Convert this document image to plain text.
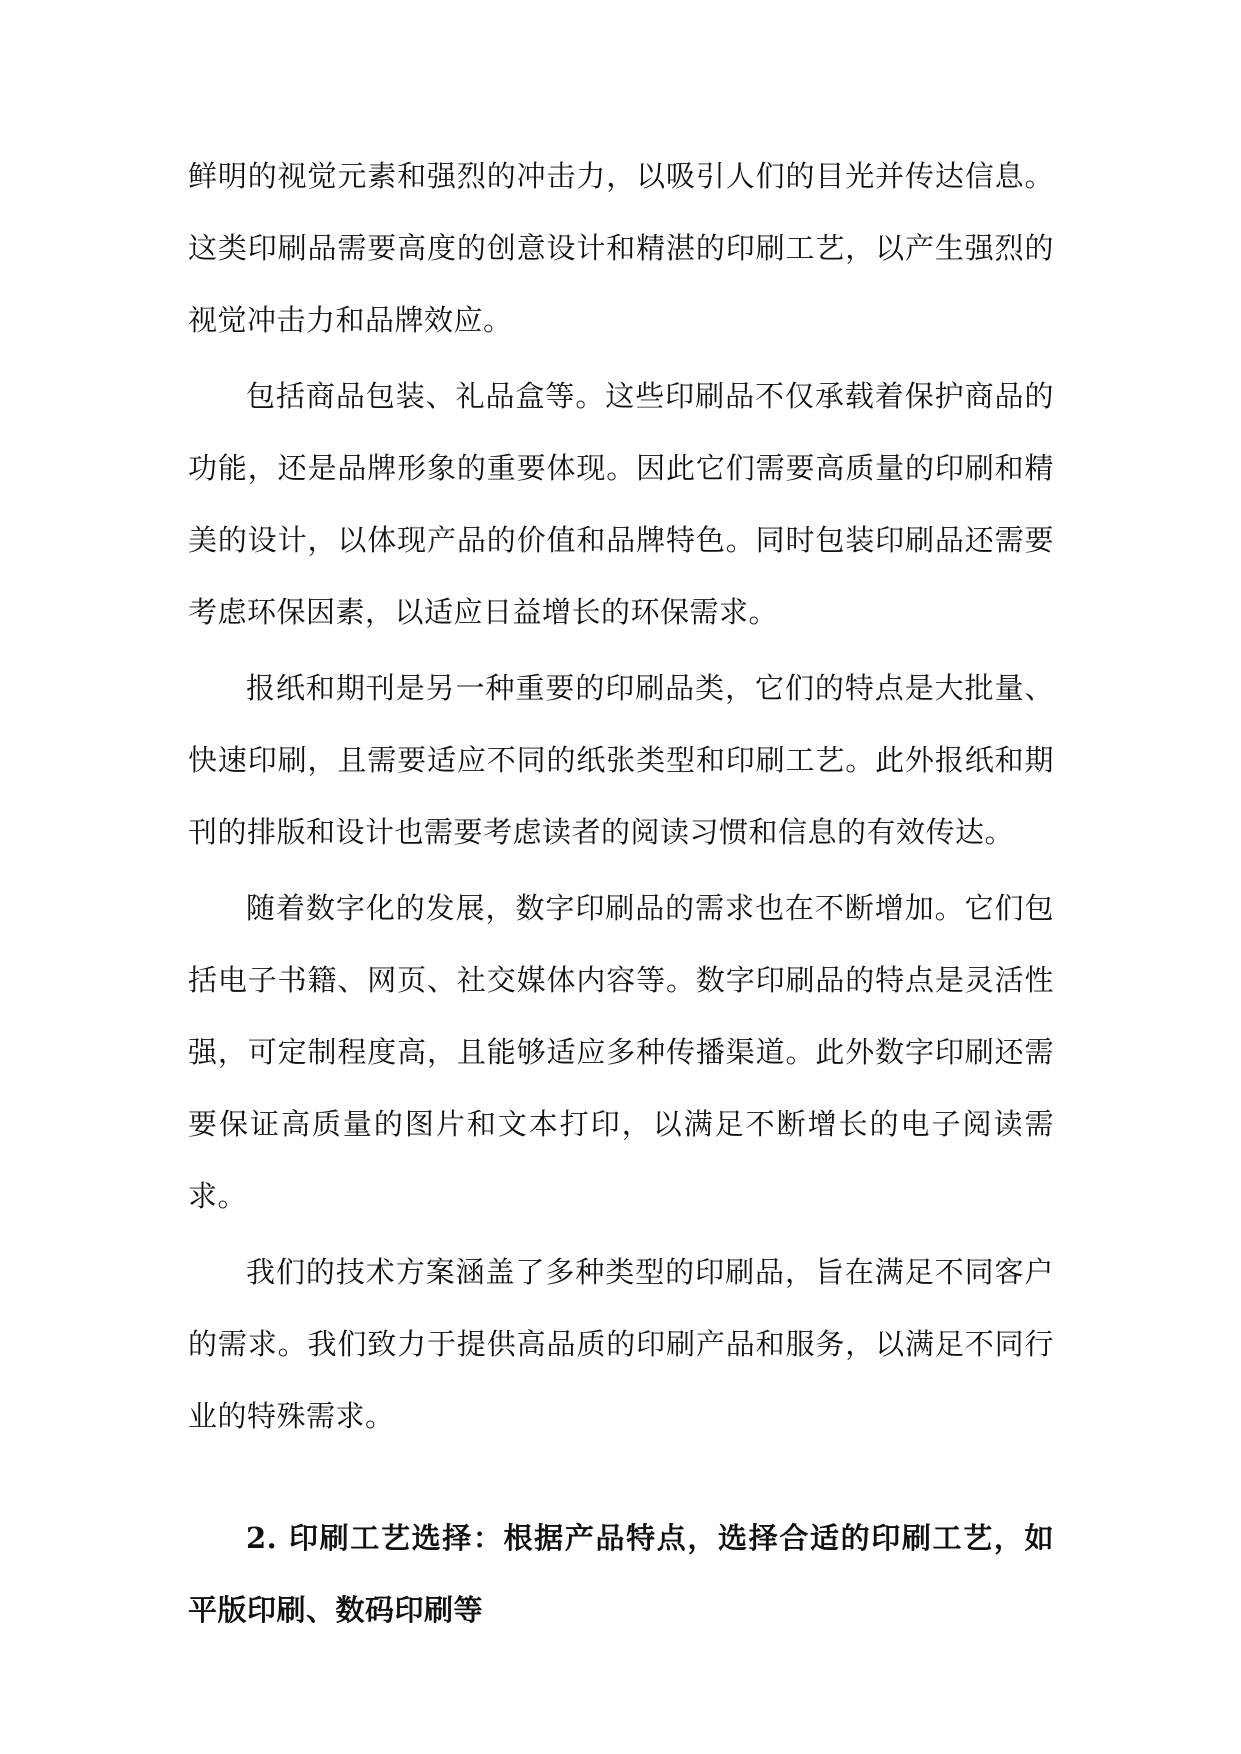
鲜明的视觉元素和强烈的冲击力，以吸引人们的目光并传达信息。这类印刷品需要高度的创意设计和精湛的印刷工艺，以产生强烈的视觉冲击力和品牌效应。

包括商品包装、礼品盒等。这些印刷品不仅承载着保护商品的功能，还是品牌形象的重要体现。因此它们需要高质量的印刷和精美的设计，以体现产品的价值和品牌特色。同时包装印刷品还需要考虑环保因素，以适应日益增长的环保需求。

报纸和期刊是另一种重要的印刷品类，它们的特点是大批量、快速印刷，且需要适应不同的纸张类型和印刷工艺。此外报纸和期刊的排版和设计也需要考虑读者的阅读习惯和信息的有效传达。

随着数字化的发展，数字印刷品的需求也在不断增加。它们包括电子书籍、网页、社交媒体内容等。数字印刷品的特点是灵活性强，可定制程度高，且能够适应多种传播渠道。此外数字印刷还需要保证高质量的图片和文本打印，以满足不断增长的电子阅读需求。

我们的技术方案涵盖了多种类型的印刷品，旨在满足不同客户的需求。我们致力于提供高品质的印刷产品和服务，以满足不同行业的特殊需求。

2. 印刷工艺选择：根据产品特点，选择合适的印刷工艺，如平版印刷、数码印刷等
